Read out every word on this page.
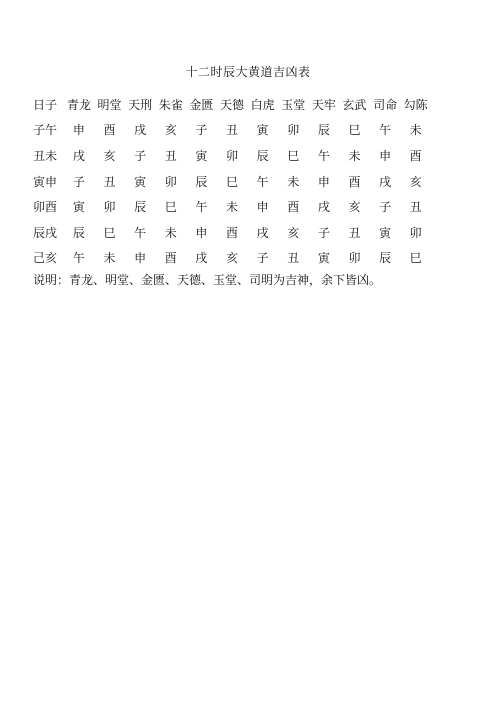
十二时辰大黄道吉凶表
日子 青龙 明堂 天刑 朱雀 金匮 天德 白虎 玉堂 天牢 玄武 司命 勾陈
子午	申	酉	戌	亥	子	丑	寅	卯	辰	巳	午	未
丑未	戌	亥	子	丑	寅	卯	辰	巳	午	未	申	酉
寅申	子	丑	寅	卯	辰	巳	午	未	申	酉	戌	亥
卯酉	寅	卯	辰	巳	午	未	申	酉	戌	亥	子	丑
辰戌	辰	巳	午	未	申	酉	戌	亥	子	丑	寅	卯
己亥	午	未	申	酉	戌	亥	子	丑	寅	卯	辰	巳
说明：青龙、明堂、金匮、天德、玉堂、司明为吉神，余下皆凶。
